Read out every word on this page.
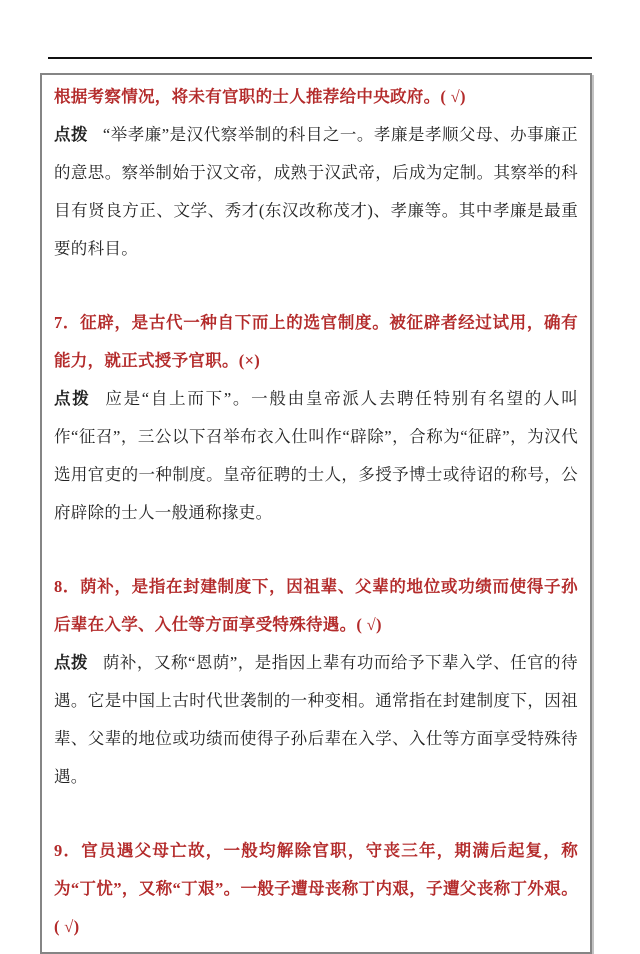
根据考察情况，将未有官职的士人推荐给中央政府。( √)

点拨 “举孝廉”是汉代察举制的科目之一。孝廉是孝顺父母、办事廉正的意思。察举制始于汉文帝，成熟于汉武帝，后成为定制。其察举的科目有贤良方正、文学、秀才(东汉改称茂才)、孝廉等。其中孝廉是最重要的科目。

7．征辟，是古代一种自下而上的选官制度。被征辟者经过试用，确有能力，就正式授予官职。(×)

点拨 应是“自上而下”。一般由皇帝派人去聘任特别有名望的人叫作“征召”，三公以下召举布衣入仕叫作“辟除”，合称为“征辟”，为汉代选用官吏的一种制度。皇帝征聘的士人，多授予博士或待诏的称号，公府辟除的士人一般通称掾吏。

8．荫补，是指在封建制度下，因祖辈、父辈的地位或功绩而使得子孙后辈在入学、入仕等方面享受特殊待遇。( √)

点拨 荫补，又称“恩荫”，是指因上辈有功而给予下辈入学、任官的待遇。它是中国上古时代世袭制的一种变相。通常指在封建制度下，因祖辈、父辈的地位或功绩而使得子孙后辈在入学、入仕等方面享受特殊待遇。

9．官员遇父母亡故，一般均解除官职，守丧三年，期满后起复，称为“丁忧”，又称“丁艰”。一般子遭母丧称丁内艰，子遭父丧称丁外艰。( √)
